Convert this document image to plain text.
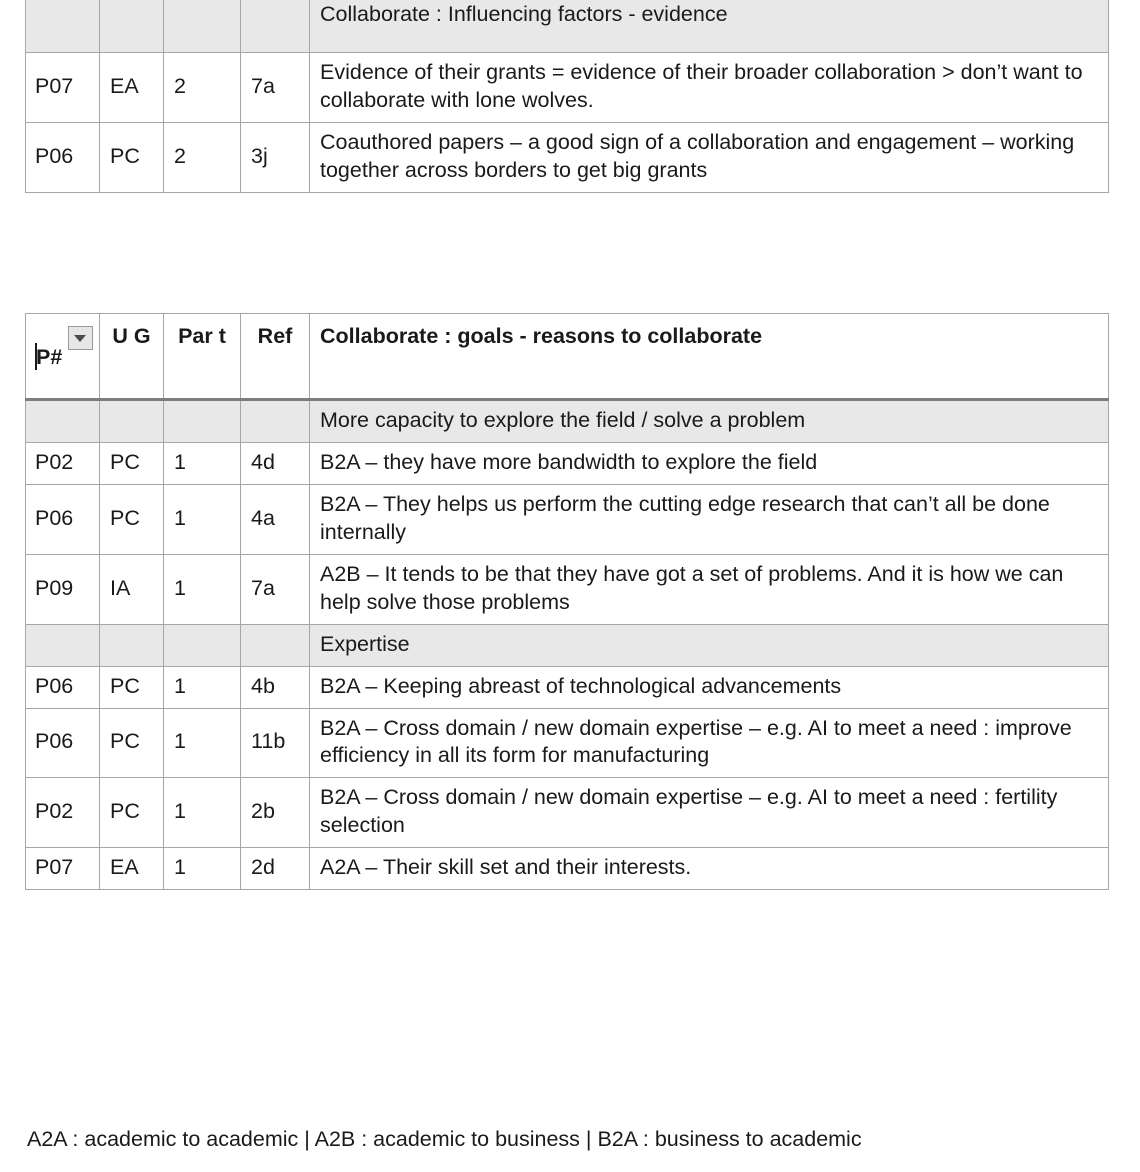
				Collaborate : Influencing factors - evidence
P07	EA	2	7a	Evidence of their grants = evidence of their broader collaboration > don’t want to collaborate with lone wolves.
P06	PC	2	3j	Coauthored papers – a good sign of a collaboration and engagement – working together across borders to get big grants
P#	U G	Par t	Ref	Collaborate : goals - reasons to collaborate
				More capacity to explore the field / solve a problem
P02	PC	1	4d	B2A – they have more bandwidth to explore the field
P06	PC	1	4a	B2A – They helps us perform the cutting edge research that can’t all be done internally
P09	IA	1	7a	A2B – It tends to be that they have got a set of problems. And it is how we can help solve those problems
				Expertise
P06	PC	1	4b	B2A – Keeping abreast of technological advancements
P06	PC	1	11b	B2A – Cross domain / new domain expertise – e.g. AI to meet a need : improve efficiency in all its form for manufacturing
P02	PC	1	2b	B2A – Cross domain / new domain expertise – e.g. AI to meet a need : fertility selection
P07	EA	1	2d	A2A – Their skill set and their interests.
A2A : academic to academic | A2B : academic to business | B2A : business to academic
